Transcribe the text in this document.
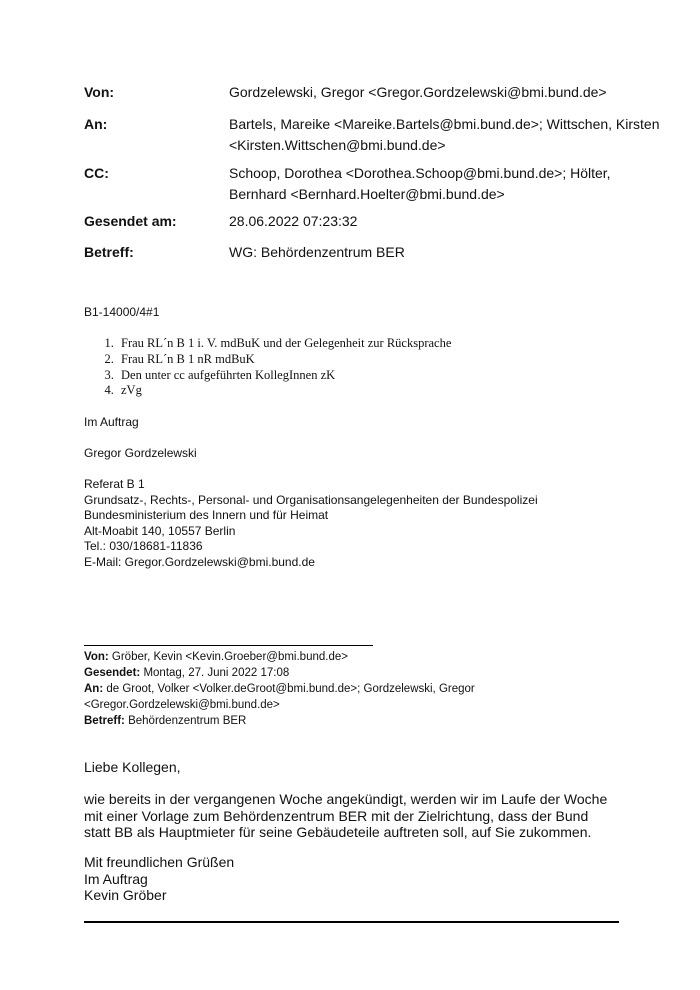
Von:	Gordzelewski, Gregor <Gregor.Gordzelewski@bmi.bund.de>
An:	Bartels, Mareike <Mareike.Bartels@bmi.bund.de>; Wittschen, Kirsten <Kirsten.Wittschen@bmi.bund.de>
CC:	Schoop, Dorothea <Dorothea.Schoop@bmi.bund.de>; Hölter, Bernhard <Bernhard.Hoelter@bmi.bund.de>
Gesendet am:	28.06.2022 07:23:32
Betreff:	WG: Behördenzentrum BER
B1-14000/4#1
1. Frau RL´n B 1 i. V. mdBuK und der Gelegenheit zur Rücksprache
2. Frau RL´n B 1 nR mdBuK
3. Den unter cc aufgeführten KollegInnen zK
4. zVg
Im Auftrag
Gregor Gordzelewski
Referat B 1
Grundsatz-, Rechts-, Personal- und Organisationsangelegenheiten der Bundespolizei
Bundesministerium des Innern und für Heimat
Alt-Moabit 140, 10557 Berlin
Tel.: 030/18681-11836
E-Mail: Gregor.Gordzelewski@bmi.bund.de
Von: Gröber, Kevin <Kevin.Groeber@bmi.bund.de>
Gesendet: Montag, 27. Juni 2022 17:08
An: de Groot, Volker <Volker.deGroot@bmi.bund.de>; Gordzelewski, Gregor
<Gregor.Gordzelewski@bmi.bund.de>
Betreff: Behördenzentrum BER
Liebe Kollegen,
wie bereits in der vergangenen Woche angekündigt, werden wir im Laufe der Woche
mit einer Vorlage zum Behördenzentrum BER mit der Zielrichtung, dass der Bund
statt BB als Hauptmieter für seine Gebäudeteile auftreten soll, auf Sie zukommen.
Mit freundlichen Grüßen
Im Auftrag
Kevin Gröber
